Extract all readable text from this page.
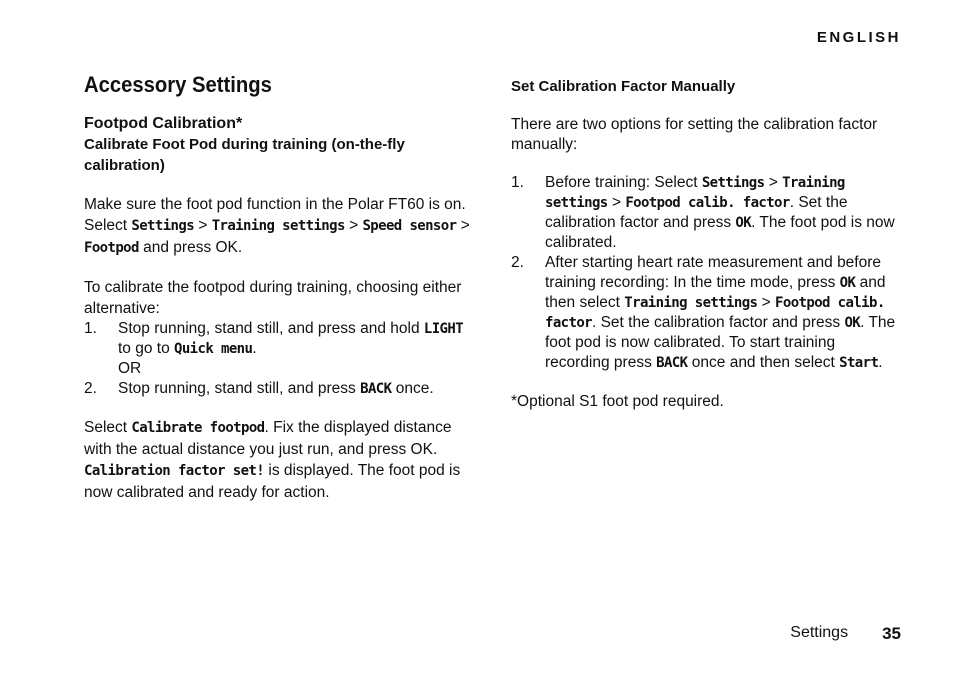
ENGLISH
Accessory Settings
Footpod Calibration*
Calibrate Foot Pod during training (on-the-fly calibration)

Make sure the foot pod function in the Polar FT60 is on. Select Settings > Training settings > Speed sensor > Footpod and press OK.

To calibrate the footpod during training, choosing either alternative:

1.	Stop running, stand still, and press and hold LIGHT to go to Quick menu.
OR
2.	Stop running, stand still, and press BACK once.

Select Calibrate footpod. Fix the displayed distance with the actual distance you just run, and press OK. Calibration factor set! is displayed. The foot pod is now calibrated and ready for action.

Set Calibration Factor Manually

There are two options for setting the calibration factor manually:

1.	Before training: Select Settings > Training settings > Footpod calib. factor. Set the calibration factor and press OK. The foot pod is now calibrated.
2.	After starting heart rate measurement and before training recording: In the time mode, press OK and then select Training settings > Footpod calib. factor. Set the calibration factor and press OK. The foot pod is now calibrated. To start training recording press BACK once and then select Start.

*Optional S1 foot pod required.

Settings 35
